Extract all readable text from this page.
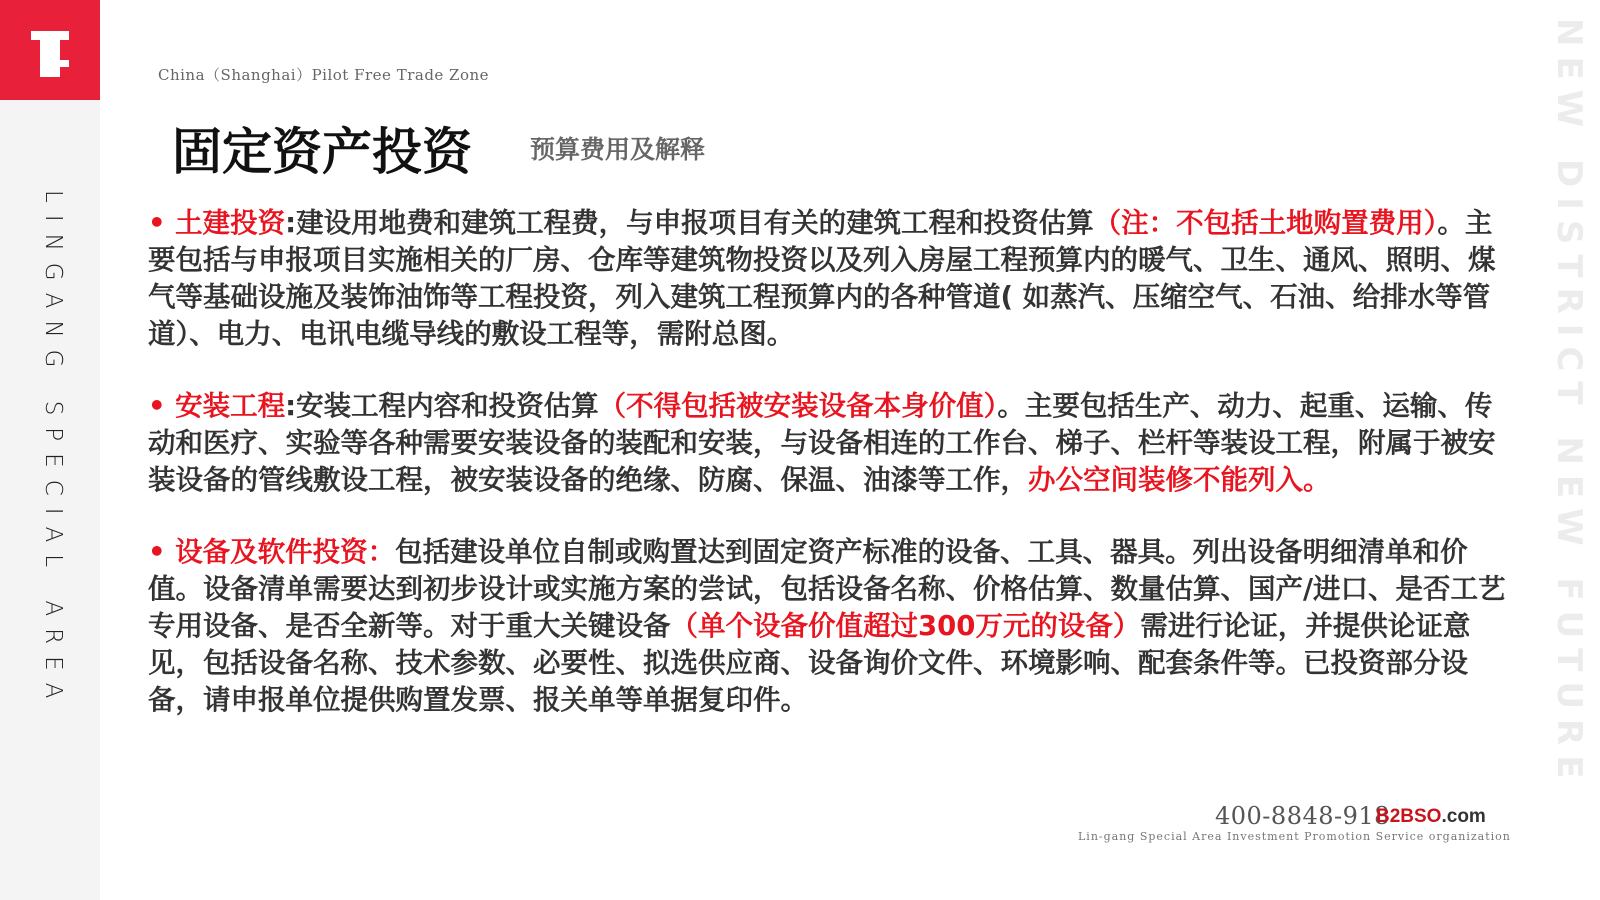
LINGANG SPECIAL AREA	NEW DISTRICT NEW FUTURE
China（Shanghai）Pilot Free Trade Zone
固定资产投资 预算费用及解释

• 土建投资:建设用地费和建筑工程费，与申报项目有关的建筑工程和投资估算（注：不包括土地购置费用）。主要包括与申报项目实施相关的厂房、仓库等建筑物投资以及列入房屋工程预算内的暖气、卫生、通风、照明、煤气等基础设施及装饰油饰等工程投资，列入建筑工程预算内的各种管道( 如蒸汽、压缩空气、石油、给排水等管道）、电力、电讯电缆导线的敷设工程等，需附总图。

• 安装工程:安装工程内容和投资估算（不得包括被安装设备本身价值）。主要包括生产、动力、起重、运输、传动和医疗、实验等各种需要安装设备的装配和安装，与设备相连的工作台、梯子、栏杆等装设工程，附属于被安装设备的管线敷设工程，被安装设备的绝缘、防腐、保温、油漆等工作，办公空间装修不能列入。

• 设备及软件投资：包括建设单位自制或购置达到固定资产标准的设备、工具、器具。列出设备明细清单和价值。设备清单需要达到初步设计或实施方案的尝试，包括设备名称、价格估算、数量估算、国产/进口、是否工艺专用设备、是否全新等。对于重大关键设备（单个设备价值超过300万元的设备）需进行论证，并提供论证意见，包括设备名称、技术参数、必要性、拟选供应商、设备询价文件、环境影响、配套条件等。已投资部分设备，请申报单位提供购置发票、报关单等单据复印件。

400-8848-918
B2BSO.com
Lin-gang Special Area Investment Promotion Service organization
